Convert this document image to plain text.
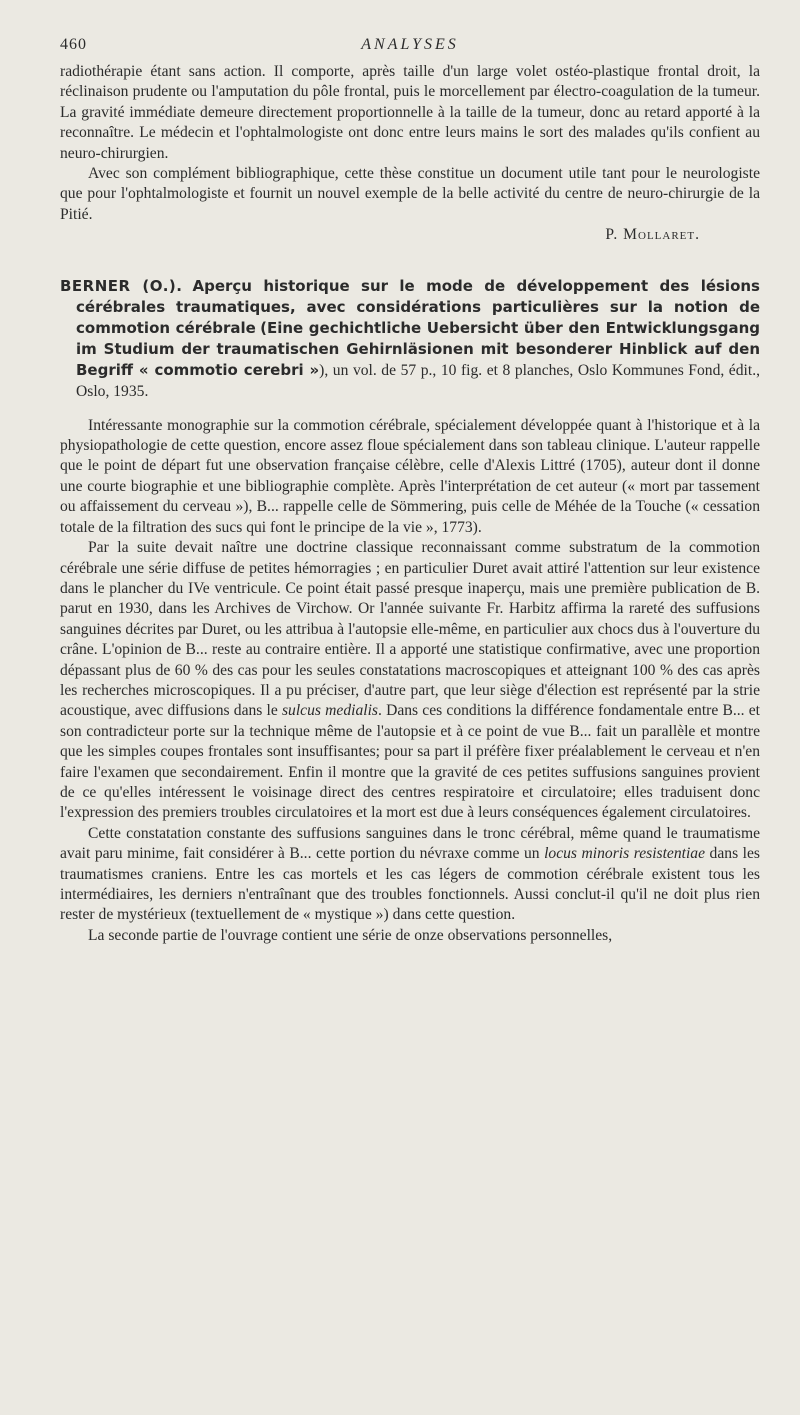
460	ANALYSES

radiothérapie étant sans action. Il comporte, après taille d'un large volet ostéo-plastique frontal droit, la réclinaison prudente ou l'amputation du pôle frontal, puis le morcellement par électro-coagulation de la tumeur. La gravité immédiate demeure directement proportionnelle à la taille de la tumeur, donc au retard apporté à la reconnaître. Le médecin et l'ophtalmologiste ont donc entre leurs mains le sort des malades qu'ils confient au neuro-chirurgien.

Avec son complément bibliographique, cette thèse constitue un document utile tant pour le neurologiste que pour l'ophtalmologiste et fournit un nouvel exemple de la belle activité du centre de neuro-chirurgie de la Pitié.
P. Mollaret.

BERNER (O.). Aperçu historique sur le mode de développement des lésions cérébrales traumatiques, avec considérations particulières sur la notion de commotion cérébrale (Eine gechichtliche Uebersicht über den Entwicklungsgang im Studium der traumatischen Gehirnläsionen mit besonderer Hinblick auf den Begriff « commotio cerebri »), un vol. de 57 p., 10 fig. et 8 planches, Oslo Kommunes Fond, édit., Oslo, 1935.

Intéressante monographie sur la commotion cérébrale, spécialement développée quant à l'historique et à la physiopathologie de cette question, encore assez floue spécialement dans son tableau clinique. L'auteur rappelle que le point de départ fut une observation française célèbre, celle d'Alexis Littré (1705), auteur dont il donne une courte biographie et une bibliographie complète. Après l'interprétation de cet auteur (« mort par tassement ou affaissement du cerveau »), B... rappelle celle de Sömmering, puis celle de Méhée de la Touche (« cessation totale de la filtration des sucs qui font le principe de la vie », 1773).

Par la suite devait naître une doctrine classique reconnaissant comme substratum de la commotion cérébrale une série diffuse de petites hémorragies ; en particulier Duret avait attiré l'attention sur leur existence dans le plancher du IVe ventricule. Ce point était passé presque inaperçu, mais une première publication de B. parut en 1930, dans les Archives de Virchow. Or l'année suivante Fr. Harbitz affirma la rareté des suffusions sanguines décrites par Duret, ou les attribua à l'autopsie elle-même, en particulier aux chocs dus à l'ouverture du crâne. L'opinion de B... reste au contraire entière. Il a apporté une statistique confirmative, avec une proportion dépassant plus de 60 % des cas pour les seules constatations macroscopiques et atteignant 100 % des cas après les recherches microscopiques. Il a pu préciser, d'autre part, que leur siège d'élection est représenté par la strie acoustique, avec diffusions dans le sulcus medialis. Dans ces conditions la différence fondamentale entre B... et son contradicteur porte sur la technique même de l'autopsie et à ce point de vue B... fait un parallèle et montre que les simples coupes frontales sont insuffisantes; pour sa part il préfère fixer préalablement le cerveau et n'en faire l'examen que secondairement. Enfin il montre que la gravité de ces petites suffusions sanguines provient de ce qu'elles intéressent le voisinage direct des centres respiratoire et circulatoire; elles traduisent donc l'expression des premiers troubles circulatoires et la mort est due à leurs conséquences également circulatoires.

Cette constatation constante des suffusions sanguines dans le tronc cérébral, même quand le traumatisme avait paru minime, fait considérer à B... cette portion du névraxe comme un locus minoris resistentiae dans les traumatismes craniens. Entre les cas mortels et les cas légers de commotion cérébrale existent tous les intermédiaires, les derniers n'entraînant que des troubles fonctionnels. Aussi conclut-il qu'il ne doit plus rien rester de mystérieux (textuellement de « mystique ») dans cette question.

La seconde partie de l'ouvrage contient une série de onze observations personnelles,
